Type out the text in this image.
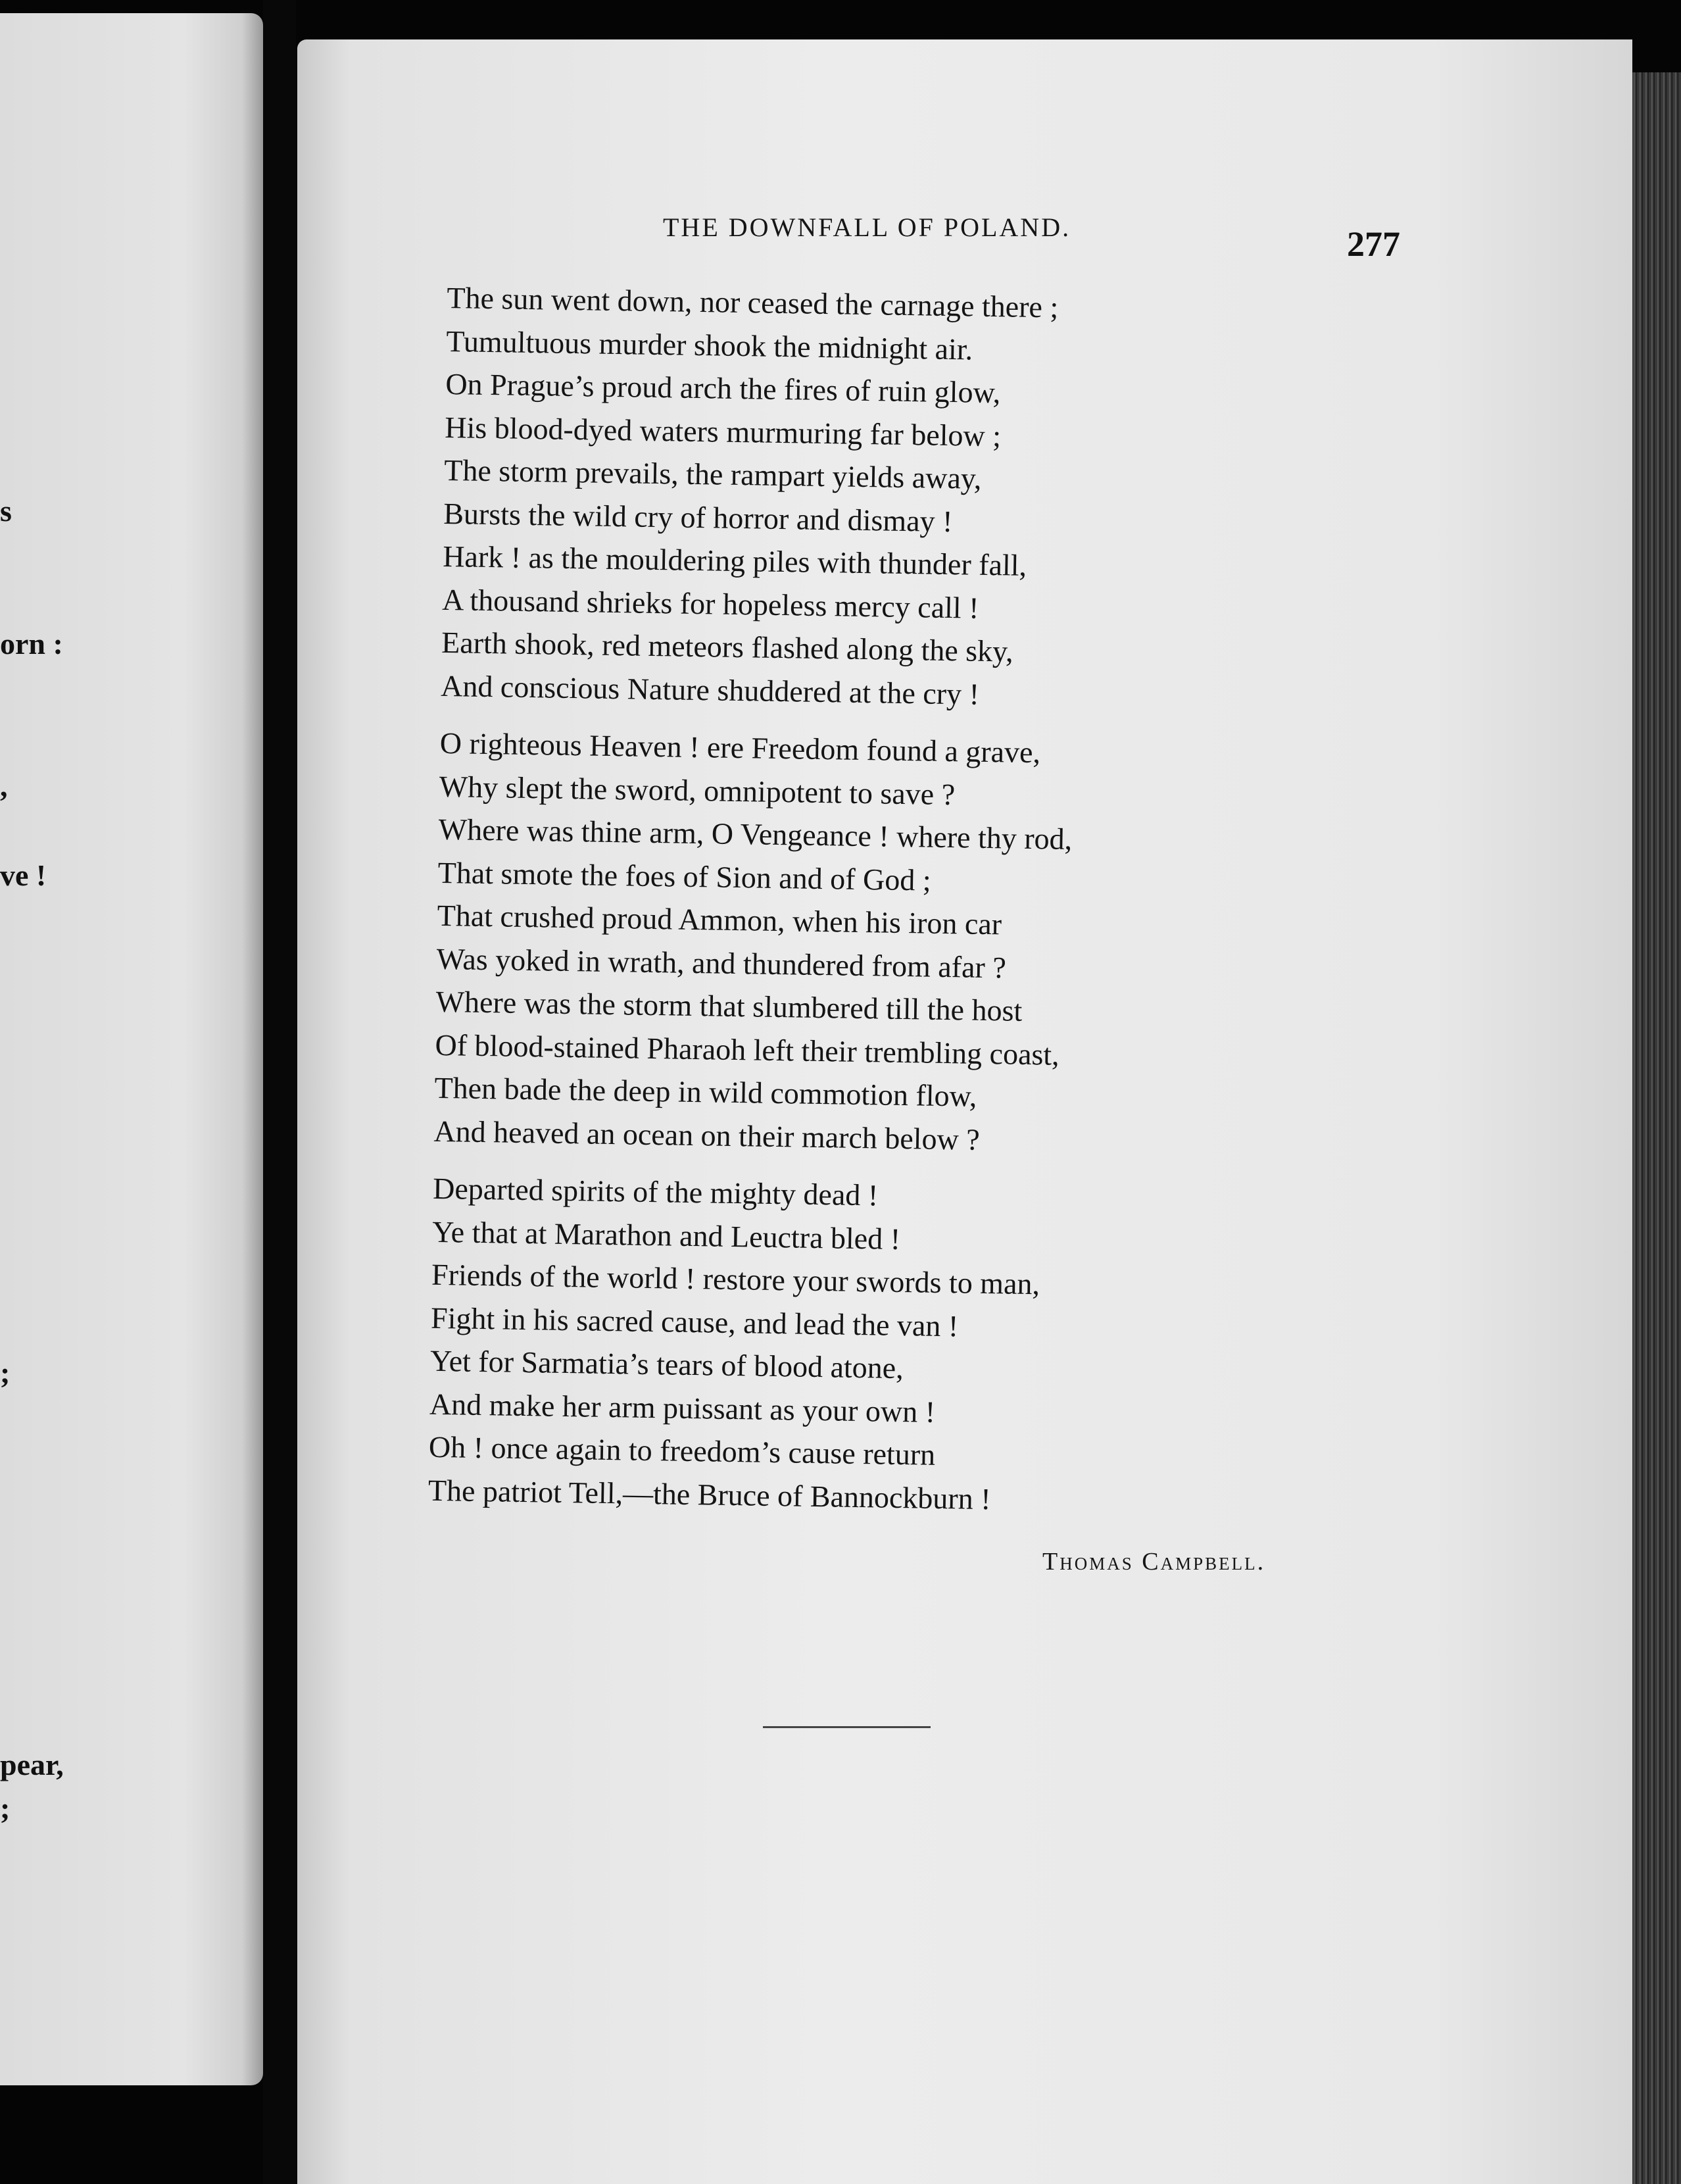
s
orn :
,
ve !
;
pear,
;
THE DOWNFALL OF POLAND.	277
The sun went down, nor ceased the carnage there ;
Tumultuous murder shook the midnight air.
On Prague’s proud arch the fires of ruin glow,
His blood-dyed waters murmuring far below ;
The storm prevails, the rampart yields away,
Bursts the wild cry of horror and dismay !
Hark ! as the mouldering piles with thunder fall,
A thousand shrieks for hopeless mercy call !
Earth shook, red meteors flashed along the sky,
And conscious Nature shuddered at the cry !
O righteous Heaven ! ere Freedom found a grave,
Why slept the sword, omnipotent to save ?
Where was thine arm, O Vengeance ! where thy rod,
That smote the foes of Sion and of God ;
That crushed proud Ammon, when his iron car
Was yoked in wrath, and thundered from afar ?
Where was the storm that slumbered till the host
Of blood-stained Pharaoh left their trembling coast,
Then bade the deep in wild commotion flow,
And heaved an ocean on their march below ?
Departed spirits of the mighty dead !
Ye that at Marathon and Leuctra bled !
Friends of the world ! restore your swords to man,
Fight in his sacred cause, and lead the van !
Yet for Sarmatia’s tears of blood atone,
And make her arm puissant as your own !
Oh ! once again to freedom’s cause return
The patriot Tell,—the Bruce of Bannockburn !
Thomas Campbell.
